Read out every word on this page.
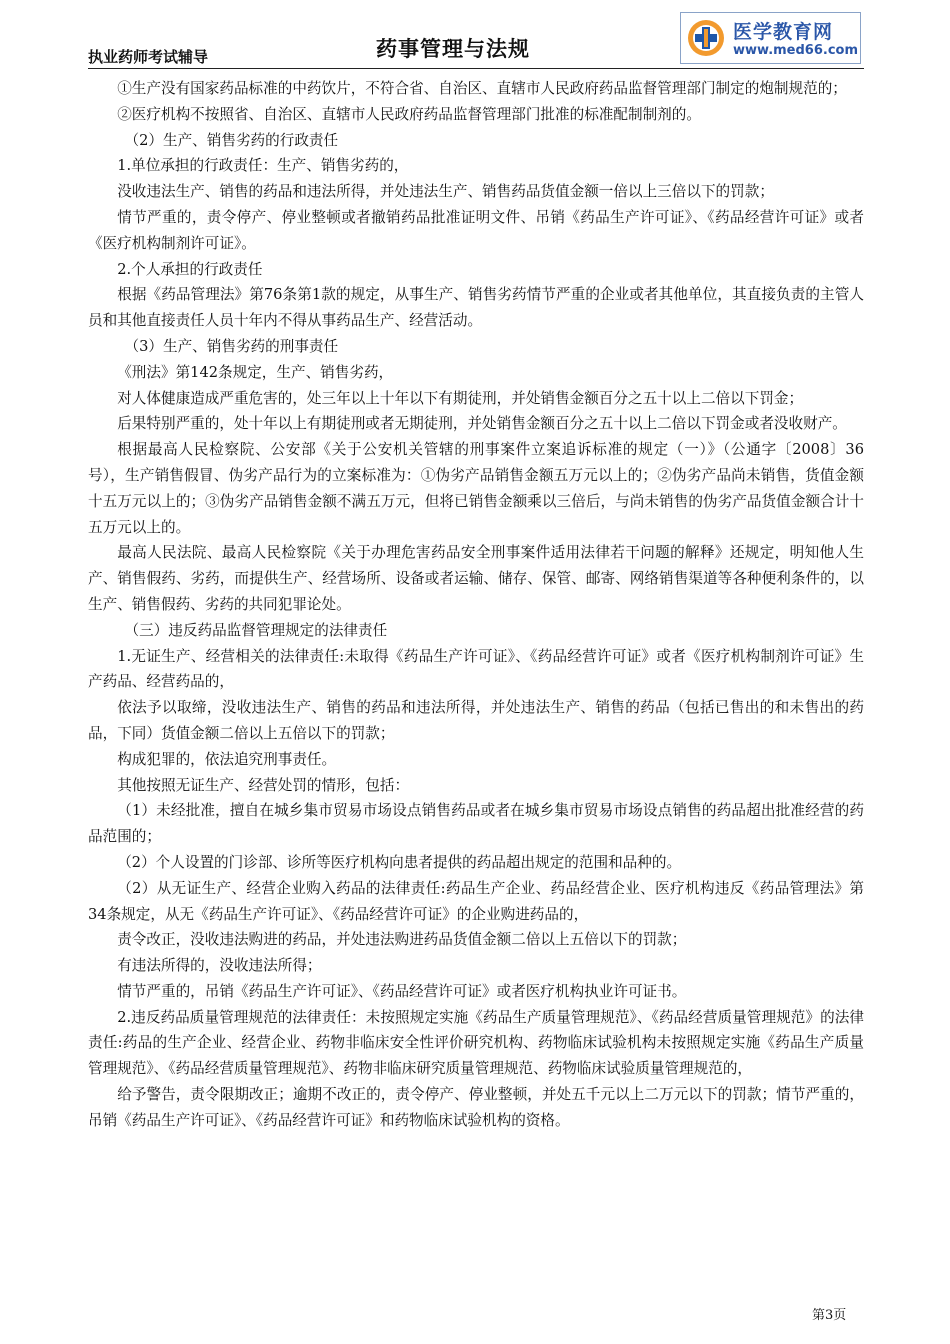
执业药师考试辅导	药事管理与法规
医学教育网
www.med66.com

①生产没有国家药品标准的中药饮片，不符合省、自治区、直辖市人民政府药品监督管理部门制定的炮制规范的；

②医疗机构不按照省、自治区、直辖市人民政府药品监督管理部门批准的标准配制制剂的。

（2）生产、销售劣药的行政责任

1.单位承担的行政责任：生产、销售劣药的，

没收违法生产、销售的药品和违法所得，并处违法生产、销售药品货值金额一倍以上三倍以下的罚款；

情节严重的，责令停产、停业整顿或者撤销药品批准证明文件、吊销《药品生产许可证》、《药品经营许可证》或者《医疗机构制剂许可证》。

2.个人承担的行政责任

根据《药品管理法》第76条第1款的规定，从事生产、销售劣药情节严重的企业或者其他单位，其直接负责的主管人员和其他直接责任人员十年内不得从事药品生产、经营活动。

（3）生产、销售劣药的刑事责任

《刑法》第142条规定，生产、销售劣药，

对人体健康造成严重危害的，处三年以上十年以下有期徒刑，并处销售金额百分之五十以上二倍以下罚金；

后果特别严重的，处十年以上有期徒刑或者无期徒刑，并处销售金额百分之五十以上二倍以下罚金或者没收财产。

根据最高人民检察院、公安部《关于公安机关管辖的刑事案件立案追诉标准的规定（一）》（公通字〔2008〕36号），生产销售假冒、伪劣产品行为的立案标准为：①伪劣产品销售金额五万元以上的；②伪劣产品尚未销售，货值金额十五万元以上的；③伪劣产品销售金额不满五万元，但将已销售金额乘以三倍后，与尚未销售的伪劣产品货值金额合计十五万元以上的。

最高人民法院、最高人民检察院《关于办理危害药品安全刑事案件适用法律若干问题的解释》还规定，明知他人生产、销售假药、劣药，而提供生产、经营场所、设备或者运输、储存、保管、邮寄、网络销售渠道等各种便利条件的，以生产、销售假药、劣药的共同犯罪论处。

（三）违反药品监督管理规定的法律责任

1.无证生产、经营相关的法律责任:未取得《药品生产许可证》、《药品经营许可证》或者《医疗机构制剂许可证》生产药品、经营药品的，

依法予以取缔，没收违法生产、销售的药品和违法所得，并处违法生产、销售的药品（包括已售出的和未售出的药品，下同）货值金额二倍以上五倍以下的罚款；

构成犯罪的，依法追究刑事责任。

其他按照无证生产、经营处罚的情形，包括：

（1）未经批准，擅自在城乡集市贸易市场设点销售药品或者在城乡集市贸易市场设点销售的药品超出批准经营的药品范围的；

（2）个人设置的门诊部、诊所等医疗机构向患者提供的药品超出规定的范围和品种的。

（2）从无证生产、经营企业购入药品的法律责任:药品生产企业、药品经营企业、医疗机构违反《药品管理法》第34条规定，从无《药品生产许可证》、《药品经营许可证》的企业购进药品的，

责令改正，没收违法购进的药品，并处违法购进药品货值金额二倍以上五倍以下的罚款；

有违法所得的，没收违法所得；

情节严重的，吊销《药品生产许可证》、《药品经营许可证》或者医疗机构执业许可证书。

2.违反药品质量管理规范的法律责任：未按照规定实施《药品生产质量管理规范》、《药品经营质量管理规范》的法律责任:药品的生产企业、经营企业、药物非临床安全性评价研究机构、药物临床试验机构未按照规定实施《药品生产质量管理规范》、《药品经营质量管理规范》、药物非临床研究质量管理规范、药物临床试验质量管理规范的，

给予警告，责令限期改正；逾期不改正的，责令停产、停业整顿，并处五千元以上二万元以下的罚款；情节严重的，吊销《药品生产许可证》、《药品经营许可证》和药物临床试验机构的资格。

第3页
